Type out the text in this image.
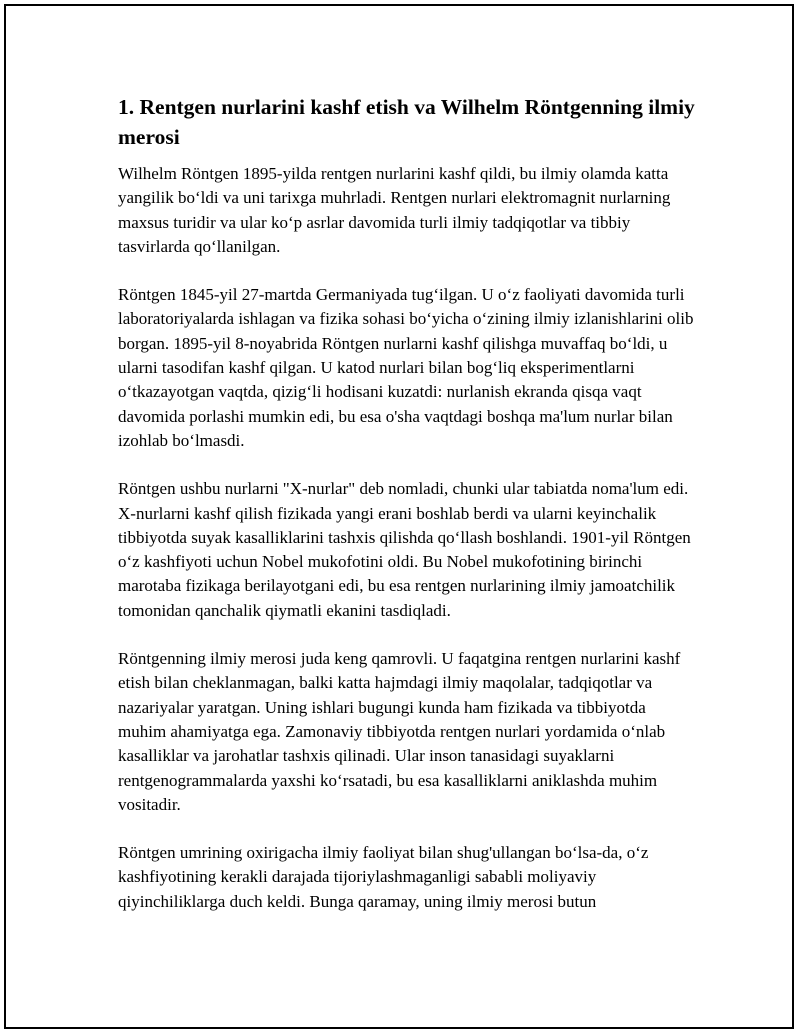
1. Rentgen nurlarini kashf etish va Wilhelm Röntgenning ilmiy merosi

Wilhelm Röntgen 1895-yilda rentgen nurlarini kashf qildi, bu ilmiy olamda katta yangilik boʻldi va uni tarixga muhrladi. Rentgen nurlari elektromagnit nurlarning maxsus turidir va ular koʻp asrlar davomida turli ilmiy tadqiqotlar va tibbiy tasvirlarda qoʻllanilgan.

Röntgen 1845-yil 27-martda Germaniyada tugʻilgan. U oʻz faoliyati davomida turli laboratoriyalarda ishlagan va fizika sohasi boʻyicha oʻzining ilmiy izlanishlarini olib borgan. 1895-yil 8-noyabrida Röntgen nurlarni kashf qilishga muvaffaq boʻldi, u ularni tasodifan kashf qilgan. U katod nurlari bilan bogʻliq eksperimentlarni oʻtkazayotgan vaqtda, qizigʻli hodisani kuzatdi: nurlanish ekranda qisqa vaqt davomida porlashi mumkin edi, bu esa o'sha vaqtdagi boshqa ma'lum nurlar bilan izohlab boʻlmasdi.

Röntgen ushbu nurlarni "X-nurlar" deb nomladi, chunki ular tabiatda noma'lum edi. X-nurlarni kashf qilish fizikada yangi erani boshlab berdi va ularni keyinchalik tibbiyotda suyak kasalliklarini tashxis qilishda qoʻllash boshlandi. 1901-yil Röntgen oʻz kashfiyoti uchun Nobel mukofotini oldi. Bu Nobel mukofotining birinchi marotaba fizikaga berilayotgani edi, bu esa rentgen nurlarining ilmiy jamoatchilik tomonidan qanchalik qiymatli ekanini tasdiqladi.

Röntgenning ilmiy merosi juda keng qamrovli. U faqatgina rentgen nurlarini kashf etish bilan cheklanmagan, balki katta hajmdagi ilmiy maqolalar, tadqiqotlar va nazariyalar yaratgan. Uning ishlari bugungi kunda ham fizikada va tibbiyotda muhim ahamiyatga ega. Zamonaviy tibbiyotda rentgen nurlari yordamida oʻnlab kasalliklar va jarohatlar tashxis qilinadi. Ular inson tanasidagi suyaklarni rentgenogrammalarda yaxshi koʻrsatadi, bu esa kasalliklarni aniklashda muhim vositadir.

Röntgen umrining oxirigacha ilmiy faoliyat bilan shug'ullangan boʻlsa-da, oʻz kashfiyotining kerakli darajada tijoriylashmaganligi sababli moliyaviy qiyinchiliklarga duch keldi. Bunga qaramay, uning ilmiy merosi butun
